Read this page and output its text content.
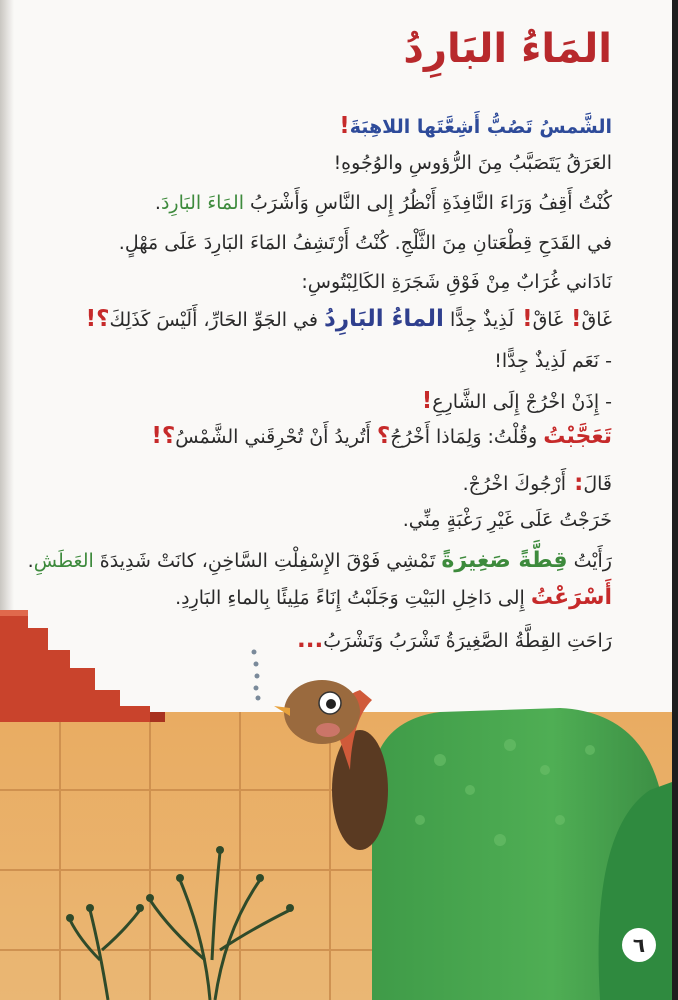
المَاءُ البَارِدُ

الشَّمسُ تَصُبُّ أَشِعَّتَها اللاهِبَةَ!

العَرَقُ يَتَصَبَّبُ مِنَ الرُّؤوسِ والوُجُوهِ!

كُنْتُ أَقِفُ وَرَاءَ النَّافِذَةِ أَنْظُرُ إِلى النَّاسِ وَأَشْرَبُ المَاءَ البَارِدَ.

في القَدَحِ قِطْعَتانِ مِنَ الثَّلْجِ. كُنْتُ أَرْتَشِفُ المَاءَ البَارِدَ عَلَى مَهْلٍ.

نَادَاني غُرَابٌ مِنْ فَوْقِ شَجَرَةِ الكَالِبْتُوسِ:

غَاقْ! غَاقْ! لَذِيذٌ جِدًّا الماءُ البَارِدُ في الجَوِّ الحَارِّ، أَلَيْسَ كَذَلِكَ؟!

- نَعَم لَذِيذٌ جِدًّا!

- إِذَنْ اخْرُجْ إِلَى الشَّارِعِ!

تَعَجَّبْتُ وقُلْتُ: وَلِمَاذا أَخْرُجُ؟ أَتُريدُ أَنْ تُحْرِقَني الشَّمْسُ؟!

قَالَ: أَرْجُوكَ اخْرُجْ.

خَرَجْتُ عَلَى غَيْرِ رَغْبَةٍ مِنِّي.

رَأَيْتُ قِطَّةً صَغِيرَةً تَمْشِي فَوْقَ الإِسْفِلْتِ السَّاخِنِ، كانَتْ شَدِيدَةَ العَطَشِ.

أَسْرَعْتُ إِلى دَاخِلِ البَيْتِ وَجَلَبْتُ إِنَاءً مَلِيئًا بِالماءِ البَارِدِ.

رَاحَتِ القِطَّةُ الصَّغِيرَةُ تَشْرَبُ وَتَشْرَبُ...

٦
